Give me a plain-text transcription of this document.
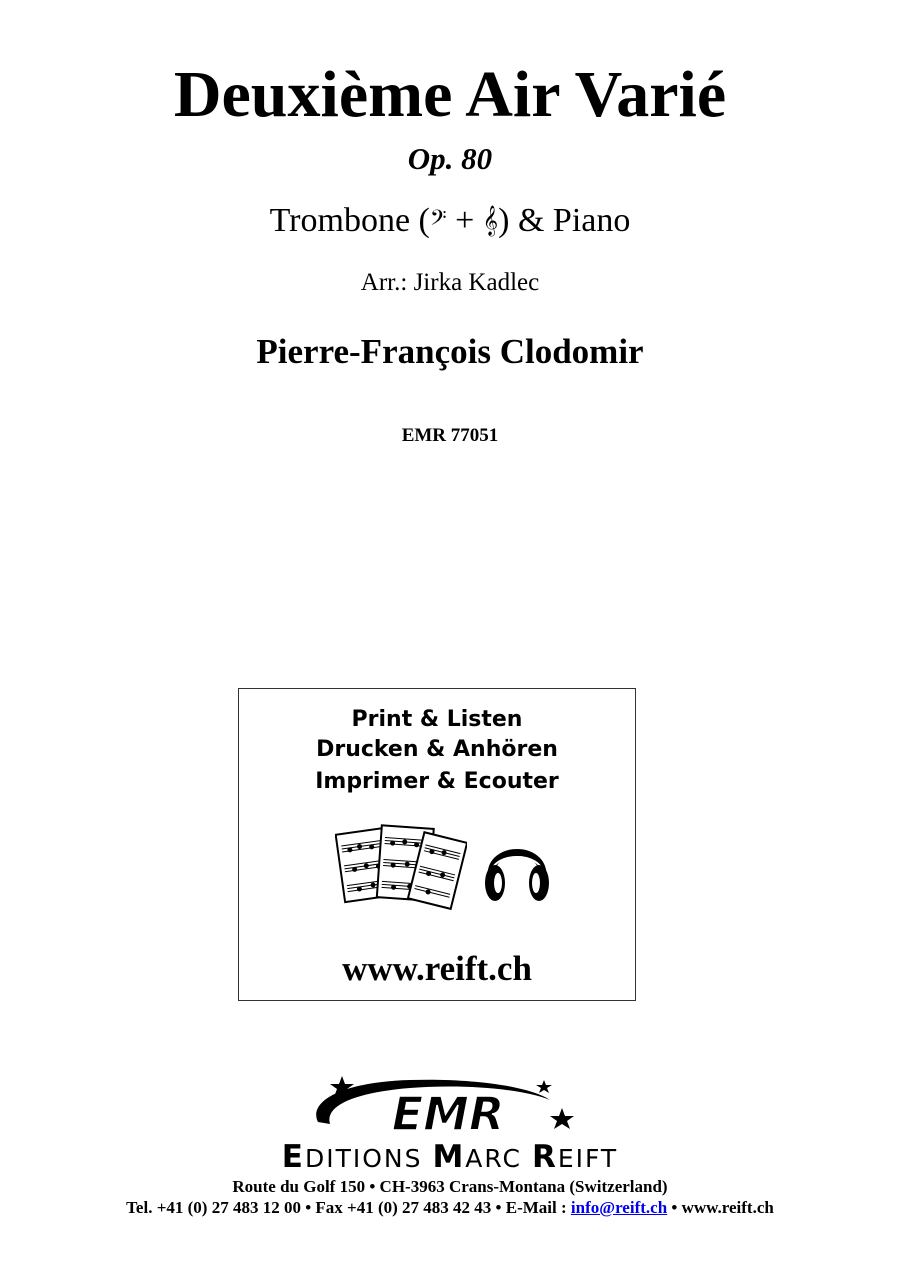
Deuxième Air Varié
Op. 80
Trombone (𝄢 + 𝄞) & Piano
Arr.: Jirka Kadlec
Pierre-François Clodomir
EMR 77051
Print & Listen
Drucken & Anhören
Imprimer & Ecouter
www.reift.ch
EMR
EDITIONS MARC REIFT
Route du Golf 150 • CH-3963 Crans-Montana (Switzerland)
Tel. +41 (0) 27 483 12 00 • Fax +41 (0) 27 483 42 43 • E-Mail : info@reift.ch • www.reift.ch
